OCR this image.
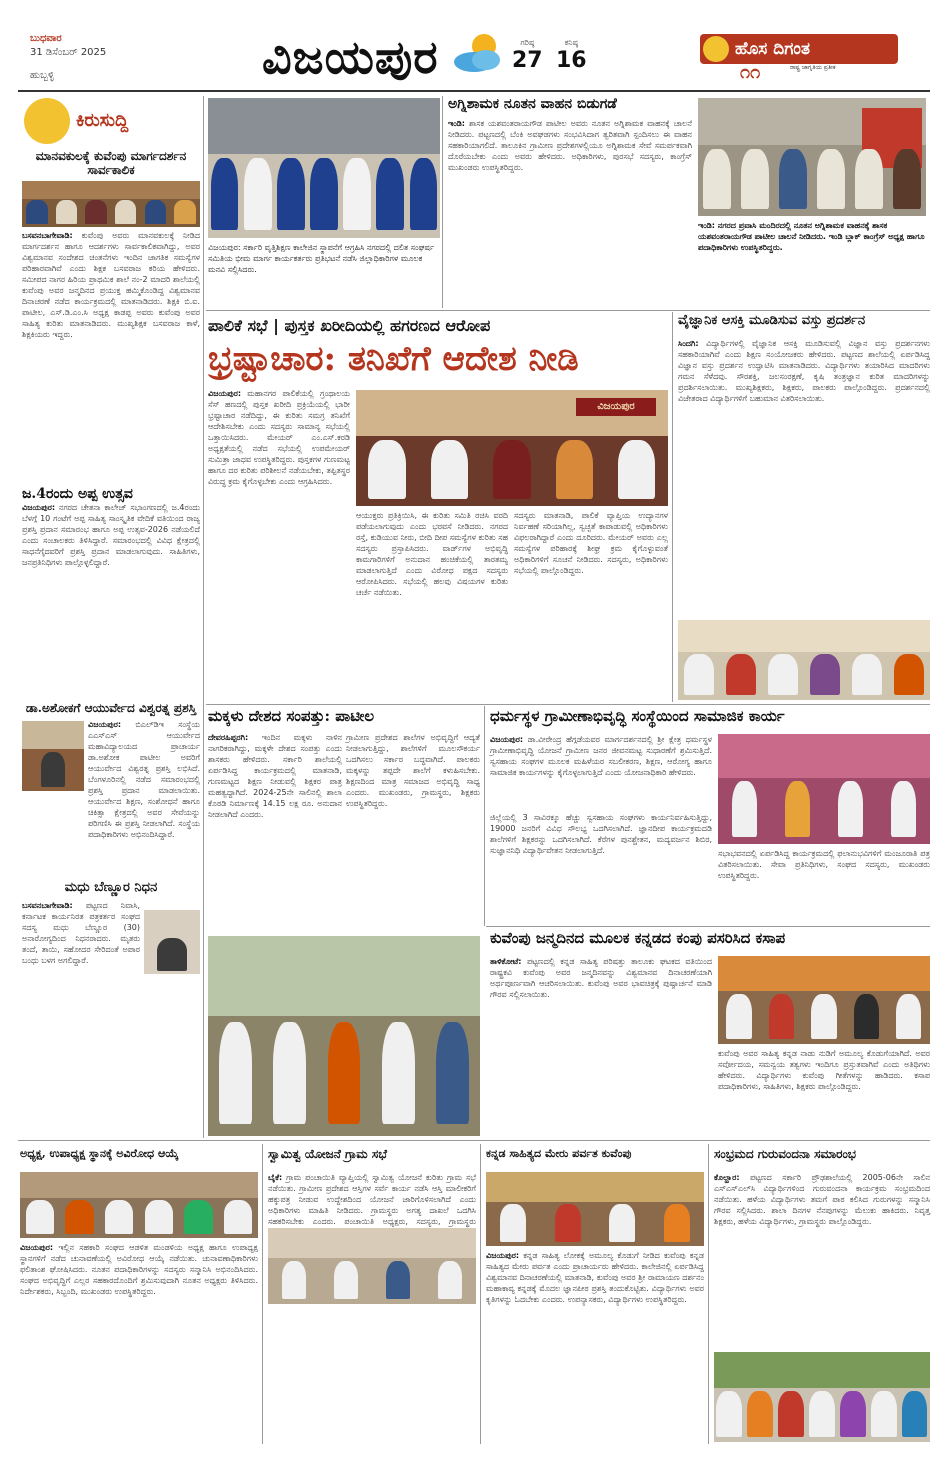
ಬುಧವಾರ
31 ಡಿಸೆಂಬರ್ 2025
ಹುಬ್ಬಳ್ಳಿ	ವಿಜಯಪುರ	ಗರಿಷ್ಠ
27
ಕನಿಷ್ಠ
16	ಹೊಸ ದಿಗಂತ
೧೧	ರಾಷ್ಟ್ರ ಜಾಗೃತಿಯ ಪ್ರತೀಕ
ಕಿರುಸುದ್ದಿ
ಮಾನವಕುಲಕ್ಕೆ ಕುವೆಂಪು ಮಾರ್ಗದರ್ಶನ ಸಾರ್ವಕಾಲಿಕ
ಬಸವನಬಾಗೇವಾಡಿ: ಕುವೆಂಪು ಅವರು ಮಾನವಕುಲಕ್ಕೆ ನೀಡಿದ ಮಾರ್ಗದರ್ಶನ ಹಾಗೂ ಆದರ್ಶಗಳು ಸಾರ್ವಕಾಲಿಕವಾಗಿದ್ದು, ಅವರ ವಿಶ್ವಮಾನವ ಸಂದೇಶದ ಚಿಂತನೆಗಳು ಇಂದಿನ ಜಾಗತಿಕ ಸಮಸ್ಯೆಗಳ ಪರಿಹಾರವಾಗಿವೆ ಎಂದು ಶಿಕ್ಷಕ ಬಸವರಾಜ ಕರಿಯ ಹೇಳಿದರು. ಸಮೀಪದ ನಾಗರ ಹಿರಿಯ ಪ್ರಾಥಮಿಕ ಶಾಲೆ ನಂ-2 ಮಾದರಿ ಶಾಲೆಯಲ್ಲಿ ಕುವೆಂಪು ಅವರ ಜನ್ಮದಿನದ ಪ್ರಯುಕ್ತ ಹಮ್ಮಿಕೊಂಡಿದ್ದ ವಿಶ್ವಮಾನವ ದಿನಾಚರಣೆ ನಡೆದ ಕಾರ್ಯಕ್ರಮದಲ್ಲಿ ಮಾತನಾಡಿದರು. ಶಿಕ್ಷಕಿ ಬಿ.ಐ. ಪಾಟೀಲ, ಎಸ್.ಡಿ.ಎಂ.ಸಿ ಅಧ್ಯಕ್ಷ ಕಾಡಪ್ಪ ಅವರು ಕುವೆಂಪು ಅವರ ಸಾಹಿತ್ಯ ಕುರಿತು ಮಾತನಾಡಿದರು. ಮುಖ್ಯಶಿಕ್ಷಕ ಬಸವರಾಜ ಕಾಳೆ, ಶಿಕ್ಷಕಿಯರು ಇದ್ದರು.
ಜ.4ರಂದು ಅಪ್ಪ ಉತ್ಸವ
ವಿಜಯಪುರ: ನಗರದ ಚೇತನಾ ಕಾಲೇಜ್ ಸಭಾಂಗಣದಲ್ಲಿ ಜ.4ರಂದು ಬೆಳಗ್ಗೆ 10 ಗಂಟೆಗೆ ಅಪ್ಪ ಸಾಹಿತ್ಯ ಸಾಂಸ್ಕೃತಿಕ ವೇದಿಕೆ ವತಿಯಿಂದ ರಾಜ್ಯ ಪ್ರಶಸ್ತಿ ಪ್ರದಾನ ಸಮಾರಂಭ ಹಾಗೂ ಅಪ್ಪ ಉತ್ಸವ-2026 ನಡೆಯಲಿದೆ ಎಂದು ಸಂಚಾಲಕರು ತಿಳಿಸಿದ್ದಾರೆ. ಸಮಾರಂಭದಲ್ಲಿ ವಿವಿಧ ಕ್ಷೇತ್ರದಲ್ಲಿ ಸಾಧನೆಗೈದವರಿಗೆ ಪ್ರಶಸ್ತಿ ಪ್ರದಾನ ಮಾಡಲಾಗುವುದು. ಸಾಹಿತಿಗಳು, ಜನಪ್ರತಿನಿಧಿಗಳು ಪಾಲ್ಗೊಳ್ಳಲಿದ್ದಾರೆ.
ಡಾ.ಅಶೋಕಗೆ ಆಯುರ್ವೇದ ವಿಶ್ವರತ್ನ ಪ್ರಶಸ್ತಿ
ವಿಜಯಪುರ: ಬಿಎಲ್‌ಡಿಇ ಸಂಸ್ಥೆಯ ಎಎಸ್‌ಎಸ್ ಆಯುರ್ವೇದ ಮಹಾವಿದ್ಯಾಲಯದ ಪ್ರಾಚಾರ್ಯ ಡಾ.ಅಶೋಕ ಪಾಟೀಲ ಅವರಿಗೆ ಆಯುರ್ವೇದ ವಿಶ್ವರತ್ನ ಪ್ರಶಸ್ತಿ ಲಭಿಸಿದೆ. ಬೆಂಗಳೂರಿನಲ್ಲಿ ನಡೆದ ಸಮಾರಂಭದಲ್ಲಿ ಪ್ರಶಸ್ತಿ ಪ್ರದಾನ ಮಾಡಲಾಯಿತು. ಆಯುರ್ವೇದ ಶಿಕ್ಷಣ, ಸಂಶೋಧನೆ ಹಾಗೂ ಚಿಕಿತ್ಸಾ ಕ್ಷೇತ್ರದಲ್ಲಿ ಅವರ ಸೇವೆಯನ್ನು ಪರಿಗಣಿಸಿ ಈ ಪ್ರಶಸ್ತಿ ನೀಡಲಾಗಿದೆ. ಸಂಸ್ಥೆಯ ಪದಾಧಿಕಾರಿಗಳು ಅಭಿನಂದಿಸಿದ್ದಾರೆ.
ಮಧು ಬೆಣ್ಣೂರ ನಿಧನ
ಬಸವನಬಾಗೇವಾಡಿ: ಪಟ್ಟಣದ ನಿವಾಸಿ, ಕರ್ನಾಟಕ ಕಾರ್ಯನಿರತ ಪತ್ರಕರ್ತರ ಸಂಘದ ಸದಸ್ಯ ಮಧು ಬೆಣ್ಣೂರ (30) ಅನಾರೋಗ್ಯದಿಂದ ನಿಧನರಾದರು. ಮೃತರು ತಂದೆ, ತಾಯಿ, ಸಹೋದರ ಸೇರಿದಂತೆ ಅಪಾರ ಬಂಧು ಬಳಗ ಅಗಲಿದ್ದಾರೆ.
ವಿಜಯಪುರ: ಸರ್ಕಾರಿ ವೃತ್ತಿಶಿಕ್ಷಣ ಕಾಲೇಜಿನ ಸ್ಥಾಪನೆಗೆ ಆಗ್ರಹಿಸಿ ನಗರದಲ್ಲಿ ದಲಿತ ಸಂಘರ್ಷ ಸಮಿತಿಯ ಭೀಮ ಮಾರ್ಗ ಕಾರ್ಯಕರ್ತರು ಪ್ರತಿಭಟನೆ ನಡೆಸಿ ಜಿಲ್ಲಾಧಿಕಾರಿಗಳ ಮೂಲಕ ಮನವಿ ಸಲ್ಲಿಸಿದರು.
ಅಗ್ನಿಶಾಮಕ ನೂತನ ವಾಹನ ಬಿಡುಗಡೆ
ಇಂಡಿ: ಶಾಸಕ ಯಶವಂತರಾಯಗೌಡ ಪಾಟೀಲ ಅವರು ನೂತನ ಅಗ್ನಿಶಾಮಕ ವಾಹನಕ್ಕೆ ಚಾಲನೆ ನೀಡಿದರು. ಪಟ್ಟಣದಲ್ಲಿ ಬೆಂಕಿ ಅವಘಡಗಳು ಸಂಭವಿಸಿದಾಗ ತ್ವರಿತವಾಗಿ ಸ್ಪಂದಿಸಲು ಈ ವಾಹನ ಸಹಕಾರಿಯಾಗಲಿದೆ. ತಾಲೂಕಿನ ಗ್ರಾಮೀಣ ಪ್ರದೇಶಗಳಲ್ಲಿಯೂ ಅಗ್ನಿಶಾಮಕ ಸೇವೆ ಸಮರ್ಪಕವಾಗಿ ದೊರೆಯಬೇಕು ಎಂದು ಅವರು ಹೇಳಿದರು. ಅಧಿಕಾರಿಗಳು, ಪುರಸಭೆ ಸದಸ್ಯರು, ಕಾಂಗ್ರೆಸ್ ಮುಖಂಡರು ಉಪಸ್ಥಿತರಿದ್ದರು.
ಇಂಡಿ: ನಗರದ ಪ್ರವಾಸಿ ಮಂದಿರದಲ್ಲಿ ನೂತನ ಅಗ್ನಿಶಾಮಕ ವಾಹನಕ್ಕೆ ಶಾಸಕ ಯಶವಂತರಾಯಗೌಡ ಪಾಟೀಲ ಚಾಲನೆ ನೀಡಿದರು. ಇಂಡಿ ಬ್ಲಾಕ್ ಕಾಂಗ್ರೆಸ್ ಅಧ್ಯಕ್ಷ ಹಾಗೂ ಪದಾಧಿಕಾರಿಗಳು ಉಪಸ್ಥಿತರಿದ್ದರು.
ಪಾಲಿಕೆ ಸಭೆ | ಪುಸ್ತಕ ಖರೀದಿಯಲ್ಲಿ ಹಗರಣದ ಆರೋಪ
ಭ್ರಷ್ಟಾಚಾರ: ತನಿಖೆಗೆ ಆದೇಶ ನೀಡಿ
ವಿಜಯಪುರ: ಮಹಾನಗರ ಪಾಲಿಕೆಯಲ್ಲಿ ಗ್ರಂಥಾಲಯ ಸೆಸ್ ಹಣದಲ್ಲಿ ಪುಸ್ತಕ ಖರೀದಿ ಪ್ರಕ್ರಿಯೆಯಲ್ಲಿ ಭಾರೀ ಭ್ರಷ್ಟಾಚಾರ ನಡೆದಿದ್ದು, ಈ ಕುರಿತು ಸಮಗ್ರ ತನಿಖೆಗೆ ಆದೇಶಿಸಬೇಕು ಎಂದು ಸದಸ್ಯರು ಸಾಮಾನ್ಯ ಸಭೆಯಲ್ಲಿ ಒತ್ತಾಯಿಸಿದರು. ಮೇಯರ್ ಎಂ.ಎಸ್.ಕರಡಿ ಅಧ್ಯಕ್ಷತೆಯಲ್ಲಿ ನಡೆದ ಸಭೆಯಲ್ಲಿ ಉಪಮೇಯರ್ ಸುಮಿತ್ರಾ ಜಾಧವ ಉಪಸ್ಥಿತರಿದ್ದರು. ಪುಸ್ತಕಗಳ ಗುಣಮಟ್ಟ ಹಾಗೂ ದರ ಕುರಿತು ಪರಿಶೀಲನೆ ನಡೆಯಬೇಕು, ತಪ್ಪಿತಸ್ಥರ ವಿರುದ್ಧ ಕ್ರಮ ಕೈಗೊಳ್ಳಬೇಕು ಎಂದು ಆಗ್ರಹಿಸಿದರು.
ವಿಜಯಪುರ
ಆಯುಕ್ತರು ಪ್ರತಿಕ್ರಿಯಿಸಿ, ಈ ಕುರಿತು ಸಮಿತಿ ರಚಿಸಿ ವರದಿ ಪಡೆಯಲಾಗುವುದು ಎಂದು ಭರವಸೆ ನೀಡಿದರು. ನಗರದ ರಸ್ತೆ, ಕುಡಿಯುವ ನೀರು, ಬೀದಿ ದೀಪ ಸಮಸ್ಯೆಗಳ ಕುರಿತು ಸಹ ಸದಸ್ಯರು ಪ್ರಸ್ತಾಪಿಸಿದರು. ವಾರ್ಡ್‌ಗಳ ಅಭಿವೃದ್ಧಿ ಕಾಮಗಾರಿಗಳಿಗೆ ಅನುದಾನ ಹಂಚಿಕೆಯಲ್ಲಿ ತಾರತಮ್ಯ ಮಾಡಲಾಗುತ್ತಿದೆ ಎಂದು ವಿರೋಧ ಪಕ್ಷದ ಸದಸ್ಯರು ಆರೋಪಿಸಿದರು. ಸಭೆಯಲ್ಲಿ ಹಲವು ವಿಷಯಗಳ ಕುರಿತು ಚರ್ಚೆ ನಡೆಯಿತು.
ಸದಸ್ಯರು ಮಾತನಾಡಿ, ಪಾಲಿಕೆ ವ್ಯಾಪ್ತಿಯ ಉದ್ಯಾನಗಳ ನಿರ್ವಹಣೆ ಸರಿಯಾಗಿಲ್ಲ, ಸ್ವಚ್ಛತೆ ಕಾಪಾಡುವಲ್ಲಿ ಅಧಿಕಾರಿಗಳು ವಿಫಲರಾಗಿದ್ದಾರೆ ಎಂದು ದೂರಿದರು. ಮೇಯರ್ ಅವರು ಎಲ್ಲ ಸಮಸ್ಯೆಗಳ ಪರಿಹಾರಕ್ಕೆ ಶೀಘ್ರ ಕ್ರಮ ಕೈಗೊಳ್ಳುವಂತೆ ಅಧಿಕಾರಿಗಳಿಗೆ ಸೂಚನೆ ನೀಡಿದರು. ಸದಸ್ಯರು, ಅಧಿಕಾರಿಗಳು ಸಭೆಯಲ್ಲಿ ಪಾಲ್ಗೊಂಡಿದ್ದರು.
ವೈಜ್ಞಾನಿಕ ಆಸಕ್ತಿ ಮೂಡಿಸುವ ವಸ್ತು ಪ್ರದರ್ಶನ
ಸಿಂದಗಿ: ವಿದ್ಯಾರ್ಥಿಗಳಲ್ಲಿ ವೈಜ್ಞಾನಿಕ ಆಸಕ್ತಿ ಮೂಡಿಸುವಲ್ಲಿ ವಿಜ್ಞಾನ ವಸ್ತು ಪ್ರದರ್ಶನಗಳು ಸಹಕಾರಿಯಾಗಿವೆ ಎಂದು ಶಿಕ್ಷಣ ಸಂಯೋಜಕರು ಹೇಳಿದರು. ಪಟ್ಟಣದ ಶಾಲೆಯಲ್ಲಿ ಏರ್ಪಡಿಸಿದ್ದ ವಿಜ್ಞಾನ ವಸ್ತು ಪ್ರದರ್ಶನ ಉದ್ಘಾಟಿಸಿ ಮಾತನಾಡಿದರು. ವಿದ್ಯಾರ್ಥಿಗಳು ತಯಾರಿಸಿದ ಮಾದರಿಗಳು ಗಮನ ಸೆಳೆದವು. ಸೌರಶಕ್ತಿ, ಜಲಸಂರಕ್ಷಣೆ, ಕೃಷಿ ತಂತ್ರಜ್ಞಾನ ಕುರಿತ ಮಾದರಿಗಳನ್ನು ಪ್ರದರ್ಶಿಸಲಾಯಿತು. ಮುಖ್ಯಶಿಕ್ಷಕರು, ಶಿಕ್ಷಕರು, ಪಾಲಕರು ಪಾಲ್ಗೊಂಡಿದ್ದರು. ಪ್ರದರ್ಶನದಲ್ಲಿ ವಿಜೇತರಾದ ವಿದ್ಯಾರ್ಥಿಗಳಿಗೆ ಬಹುಮಾನ ವಿತರಿಸಲಾಯಿತು.
ಮಕ್ಕಳು ದೇಶದ ಸಂಪತ್ತು: ಪಾಟೀಲ
ದೇವರಹಿಪ್ಪರಗಿ: ಇಂದಿನ ಮಕ್ಕಳು ನಾಳಿನ ನಾಗರಿಕರಾಗಿದ್ದು, ಮಕ್ಕಳೇ ದೇಶದ ಸಂಪತ್ತು ಎಂದು ಶಾಸಕರು ಹೇಳಿದರು. ಸರ್ಕಾರಿ ಶಾಲೆಯಲ್ಲಿ ಏರ್ಪಡಿಸಿದ್ದ ಕಾರ್ಯಕ್ರಮದಲ್ಲಿ ಮಾತನಾಡಿ, ಗುಣಮಟ್ಟದ ಶಿಕ್ಷಣ ನೀಡುವಲ್ಲಿ ಶಿಕ್ಷಕರ ಪಾತ್ರ ಮಹತ್ವದ್ದಾಗಿದೆ. 2024-25ನೇ ಸಾಲಿನಲ್ಲಿ ಶಾಲಾ ಕೊಠಡಿ ನಿರ್ಮಾಣಕ್ಕೆ 14.15 ಲಕ್ಷ ರೂ. ಅನುದಾನ ನೀಡಲಾಗಿದೆ ಎಂದರು.
ಗ್ರಾಮೀಣ ಪ್ರದೇಶದ ಶಾಲೆಗಳ ಅಭಿವೃದ್ಧಿಗೆ ಆದ್ಯತೆ ನೀಡಲಾಗುತ್ತಿದ್ದು, ಶಾಲೆಗಳಿಗೆ ಮೂಲಸೌಕರ್ಯ ಒದಗಿಸಲು ಸರ್ಕಾರ ಬದ್ಧವಾಗಿದೆ. ಪಾಲಕರು ಮಕ್ಕಳನ್ನು ತಪ್ಪದೇ ಶಾಲೆಗೆ ಕಳುಹಿಸಬೇಕು. ಶಿಕ್ಷಣದಿಂದ ಮಾತ್ರ ಸಮಾಜದ ಅಭಿವೃದ್ಧಿ ಸಾಧ್ಯ ಎಂದರು. ಮುಖಂಡರು, ಗ್ರಾಮಸ್ಥರು, ಶಿಕ್ಷಕರು ಉಪಸ್ಥಿತರಿದ್ದರು.
ಧರ್ಮಸ್ಥಳ ಗ್ರಾಮೀಣಾಭಿವೃದ್ಧಿ ಸಂಸ್ಥೆಯಿಂದ ಸಾಮಾಜಿಕ ಕಾರ್ಯ
ವಿಜಯಪುರ: ಡಾ.ವೀರೇಂದ್ರ ಹೆಗ್ಗಡೆಯವರ ಮಾರ್ಗದರ್ಶನದಲ್ಲಿ ಶ್ರೀ ಕ್ಷೇತ್ರ ಧರ್ಮಸ್ಥಳ ಗ್ರಾಮೀಣಾಭಿವೃದ್ಧಿ ಯೋಜನೆ ಗ್ರಾಮೀಣ ಜನರ ಜೀವನಮಟ್ಟ ಸುಧಾರಣೆಗೆ ಶ್ರಮಿಸುತ್ತಿದೆ. ಸ್ವಸಹಾಯ ಸಂಘಗಳ ಮೂಲಕ ಮಹಿಳೆಯರ ಸಬಲೀಕರಣ, ಶಿಕ್ಷಣ, ಆರೋಗ್ಯ ಹಾಗೂ ಸಾಮಾಜಿಕ ಕಾರ್ಯಗಳನ್ನು ಕೈಗೊಳ್ಳಲಾಗುತ್ತಿದೆ ಎಂದು ಯೋಜನಾಧಿಕಾರಿ ಹೇಳಿದರು.
ಜಿಲ್ಲೆಯಲ್ಲಿ 3 ಸಾವಿರಕ್ಕೂ ಹೆಚ್ಚು ಸ್ವಸಹಾಯ ಸಂಘಗಳು ಕಾರ್ಯನಿರ್ವಹಿಸುತ್ತಿದ್ದು, 19000 ಜನರಿಗೆ ವಿವಿಧ ಸೌಲಭ್ಯ ಒದಗಿಸಲಾಗಿದೆ. ಜ್ಞಾನದೀಪ ಕಾರ್ಯಕ್ರಮದಡಿ ಶಾಲೆಗಳಿಗೆ ಶಿಕ್ಷಕರನ್ನು ಒದಗಿಸಲಾಗಿದೆ. ಕೆರೆಗಳ ಪುನಶ್ಚೇತನ, ಮದ್ಯವರ್ಜನ ಶಿಬಿರ, ಸುಜ್ಞಾನನಿಧಿ ವಿದ್ಯಾರ್ಥಿವೇತನ ನೀಡಲಾಗುತ್ತಿದೆ.	ಸಭಾಭವನದಲ್ಲಿ ಏರ್ಪಡಿಸಿದ್ದ ಕಾರ್ಯಕ್ರಮದಲ್ಲಿ ಫಲಾನುಭವಿಗಳಿಗೆ ಮಂಜೂರಾತಿ ಪತ್ರ ವಿತರಿಸಲಾಯಿತು. ಸೇವಾ ಪ್ರತಿನಿಧಿಗಳು, ಸಂಘದ ಸದಸ್ಯರು, ಮುಖಂಡರು ಉಪಸ್ಥಿತರಿದ್ದರು.
ಕುವೆಂಪು ಜನ್ಮದಿನದ ಮೂಲಕ ಕನ್ನಡದ ಕಂಪು ಪಸರಿಸಿದ ಕಸಾಪ
ತಾಳಿಕೋಟೆ: ಪಟ್ಟಣದಲ್ಲಿ ಕನ್ನಡ ಸಾಹಿತ್ಯ ಪರಿಷತ್ತು ತಾಲೂಕು ಘಟಕದ ವತಿಯಿಂದ ರಾಷ್ಟ್ರಕವಿ ಕುವೆಂಪು ಅವರ ಜನ್ಮದಿನವನ್ನು ವಿಶ್ವಮಾನವ ದಿನಾಚರಣೆಯಾಗಿ ಅರ್ಥಪೂರ್ಣವಾಗಿ ಆಚರಿಸಲಾಯಿತು. ಕುವೆಂಪು ಅವರ ಭಾವಚಿತ್ರಕ್ಕೆ ಪುಷ್ಪಾರ್ಚನೆ ಮಾಡಿ ಗೌರವ ಸಲ್ಲಿಸಲಾಯಿತು.
ಕುವೆಂಪು ಅವರ ಸಾಹಿತ್ಯ ಕನ್ನಡ ನಾಡು ನುಡಿಗೆ ಅಮೂಲ್ಯ ಕೊಡುಗೆಯಾಗಿದೆ. ಅವರ ಸರ್ವೋದಯ, ಸಮನ್ವಯ ತತ್ವಗಳು ಇಂದಿಗೂ ಪ್ರಸ್ತುತವಾಗಿವೆ ಎಂದು ಅತಿಥಿಗಳು ಹೇಳಿದರು. ವಿದ್ಯಾರ್ಥಿಗಳು ಕುವೆಂಪು ಗೀತೆಗಳನ್ನು ಹಾಡಿದರು. ಕಸಾಪ ಪದಾಧಿಕಾರಿಗಳು, ಸಾಹಿತಿಗಳು, ಶಿಕ್ಷಕರು ಪಾಲ್ಗೊಂಡಿದ್ದರು.
ಅಧ್ಯಕ್ಷ, ಉಪಾಧ್ಯಕ್ಷ ಸ್ಥಾನಕ್ಕೆ ಅವಿರೋಧ ಆಯ್ಕೆ
ವಿಜಯಪುರ: ಇಲ್ಲಿನ ಸಹಕಾರಿ ಸಂಘದ ಆಡಳಿತ ಮಂಡಳಿಯ ಅಧ್ಯಕ್ಷ ಹಾಗೂ ಉಪಾಧ್ಯಕ್ಷ ಸ್ಥಾನಗಳಿಗೆ ನಡೆದ ಚುನಾವಣೆಯಲ್ಲಿ ಅವಿರೋಧ ಆಯ್ಕೆ ನಡೆಯಿತು. ಚುನಾವಣಾಧಿಕಾರಿಗಳು ಫಲಿತಾಂಶ ಘೋಷಿಸಿದರು. ನೂತನ ಪದಾಧಿಕಾರಿಗಳನ್ನು ಸದಸ್ಯರು ಸನ್ಮಾನಿಸಿ ಅಭಿನಂದಿಸಿದರು. ಸಂಘದ ಅಭಿವೃದ್ಧಿಗೆ ಎಲ್ಲರ ಸಹಕಾರದೊಂದಿಗೆ ಶ್ರಮಿಸುವುದಾಗಿ ನೂತನ ಅಧ್ಯಕ್ಷರು ತಿಳಿಸಿದರು. ನಿರ್ದೇಶಕರು, ಸಿಬ್ಬಂದಿ, ಮುಖಂಡರು ಉಪಸ್ಥಿತರಿದ್ದರು.
ಸ್ವಾಮಿತ್ವ ಯೋಜನೆ ಗ್ರಾಮ ಸಭೆ
ಬೈಕೆ: ಗ್ರಾಮ ಪಂಚಾಯಿತಿ ವ್ಯಾಪ್ತಿಯಲ್ಲಿ ಸ್ವಾಮಿತ್ವ ಯೋಜನೆ ಕುರಿತು ಗ್ರಾಮ ಸಭೆ ನಡೆಯಿತು. ಗ್ರಾಮೀಣ ಪ್ರದೇಶದ ಆಸ್ತಿಗಳ ಸರ್ವೆ ಕಾರ್ಯ ನಡೆಸಿ ಆಸ್ತಿ ಮಾಲೀಕರಿಗೆ ಹಕ್ಕುಪತ್ರ ನೀಡುವ ಉದ್ದೇಶದಿಂದ ಯೋಜನೆ ಜಾರಿಗೊಳಿಸಲಾಗಿದೆ ಎಂದು ಅಧಿಕಾರಿಗಳು ಮಾಹಿತಿ ನೀಡಿದರು. ಗ್ರಾಮಸ್ಥರು ಅಗತ್ಯ ದಾಖಲೆ ಒದಗಿಸಿ ಸಹಕರಿಸಬೇಕು ಎಂದರು. ಪಂಚಾಯಿತಿ ಅಧ್ಯಕ್ಷರು, ಸದಸ್ಯರು, ಗ್ರಾಮಸ್ಥರು
ಕನ್ನಡ ಸಾಹಿತ್ಯದ ಮೇರು ಪರ್ವತ ಕುವೆಂಪು
ವಿಜಯಪುರ: ಕನ್ನಡ ಸಾಹಿತ್ಯ ಲೋಕಕ್ಕೆ ಅಮೂಲ್ಯ ಕೊಡುಗೆ ನೀಡಿದ ಕುವೆಂಪು ಕನ್ನಡ ಸಾಹಿತ್ಯದ ಮೇರು ಪರ್ವತ ಎಂದು ಪ್ರಾಚಾರ್ಯರು ಹೇಳಿದರು. ಕಾಲೇಜಿನಲ್ಲಿ ಏರ್ಪಡಿಸಿದ್ದ ವಿಶ್ವಮಾನವ ದಿನಾಚರಣೆಯಲ್ಲಿ ಮಾತನಾಡಿ, ಕುವೆಂಪು ಅವರ ಶ್ರೀ ರಾಮಾಯಣ ದರ್ಶನಂ ಮಹಾಕಾವ್ಯ ಕನ್ನಡಕ್ಕೆ ಮೊದಲ ಜ್ಞಾನಪೀಠ ಪ್ರಶಸ್ತಿ ತಂದುಕೊಟ್ಟಿತು. ವಿದ್ಯಾರ್ಥಿಗಳು ಅವರ ಕೃತಿಗಳನ್ನು ಓದಬೇಕು ಎಂದರು. ಉಪನ್ಯಾಸಕರು, ವಿದ್ಯಾರ್ಥಿಗಳು ಉಪಸ್ಥಿತರಿದ್ದರು.
ಸಂಭ್ರಮದ ಗುರುವಂದನಾ ಸಮಾರಂಭ
ಕೊಲ್ಹಾರ: ಪಟ್ಟಣದ ಸರ್ಕಾರಿ ಪ್ರೌಢಶಾಲೆಯಲ್ಲಿ 2005-06ನೇ ಸಾಲಿನ ಎಸ್‌ಎಸ್‌ಎಲ್‌ಸಿ ವಿದ್ಯಾರ್ಥಿಗಳಿಂದ ಗುರುವಂದನಾ ಕಾರ್ಯಕ್ರಮ ಸಂಭ್ರಮದಿಂದ ನಡೆಯಿತು. ಹಳೆಯ ವಿದ್ಯಾರ್ಥಿಗಳು ತಮಗೆ ಪಾಠ ಕಲಿಸಿದ ಗುರುಗಳನ್ನು ಸನ್ಮಾನಿಸಿ ಗೌರವ ಸಲ್ಲಿಸಿದರು. ಶಾಲಾ ದಿನಗಳ ನೆನಪುಗಳನ್ನು ಮೆಲುಕು ಹಾಕಿದರು. ನಿವೃತ್ತ ಶಿಕ್ಷಕರು, ಹಳೆಯ ವಿದ್ಯಾರ್ಥಿಗಳು, ಗ್ರಾಮಸ್ಥರು ಪಾಲ್ಗೊಂಡಿದ್ದರು.
